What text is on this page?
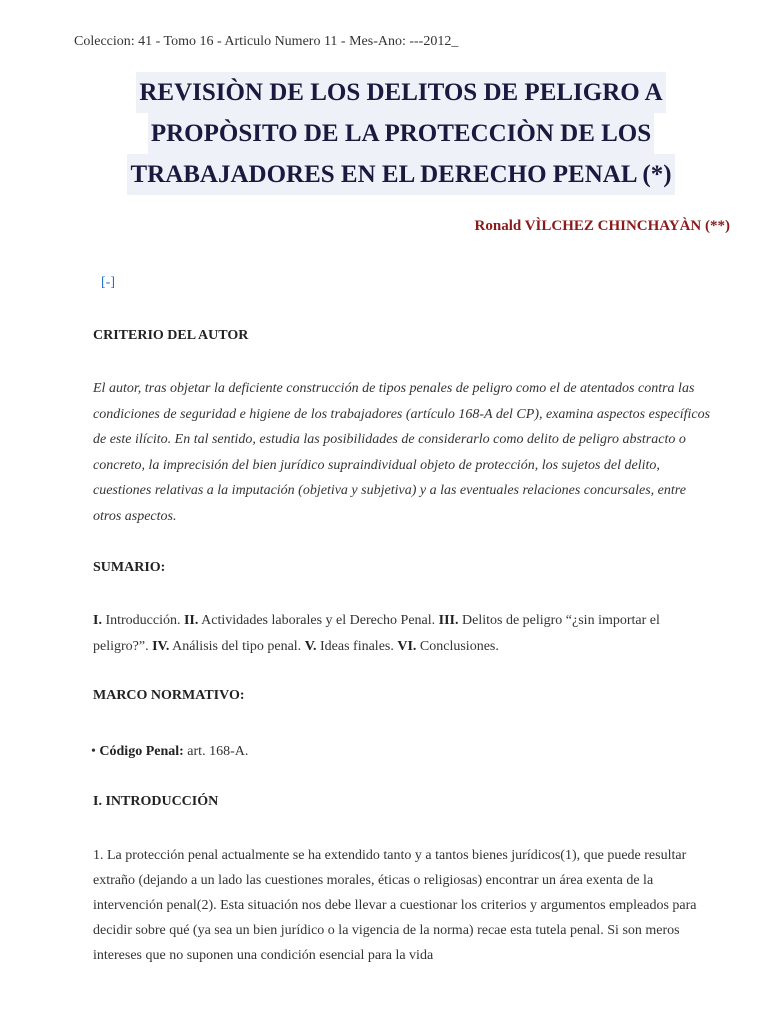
Coleccion: 41 - Tomo 16 - Articulo Numero 11 - Mes-Ano: ---2012_
REVISIÒN DE LOS DELITOS DE PELIGRO A
PROPÒSITO DE LA PROTECCIÒN DE LOS
TRABAJADORES EN EL DERECHO PENAL (*)
Ronald VÌLCHEZ CHINCHAYÀN (**)
[-]
CRITERIO DEL AUTOR

El autor, tras objetar la deficiente construcción de tipos penales de peligro como el de atentados contra las condiciones de seguridad e higiene de los trabajadores (artículo 168-A del CP), examina aspectos específicos de este ilícito. En tal sentido, estudia las posibilidades de considerarlo como delito de peligro abstracto o concreto, la imprecisión del bien jurídico supraindividual objeto de protección, los sujetos del delito, cuestiones relativas a la imputación (objetiva y subjetiva) y a las eventuales relaciones concursales, entre otros aspectos.

SUMARIO:

I. Introducción. II. Actividades laborales y el Derecho Penal. III. Delitos de peligro “¿sin importar el peligro?”. IV. Análisis del tipo penal. V. Ideas finales. VI. Conclusiones.

MARCO NORMATIVO:

• Código Penal: art. 168-A.

I. INTRODUCCIÓN

1. La protección penal actualmente se ha extendido tanto y a tantos bienes jurídicos(1), que puede resultar extraño (dejando a un lado las cuestiones morales, éticas o religiosas) encontrar un área exenta de la intervención penal(2). Esta situación nos debe llevar a cuestionar los criterios y argumentos empleados para decidir sobre qué (ya sea un bien jurídico o la vigencia de la norma) recae esta tutela penal. Si son meros intereses que no suponen una condición esencial para la vida
